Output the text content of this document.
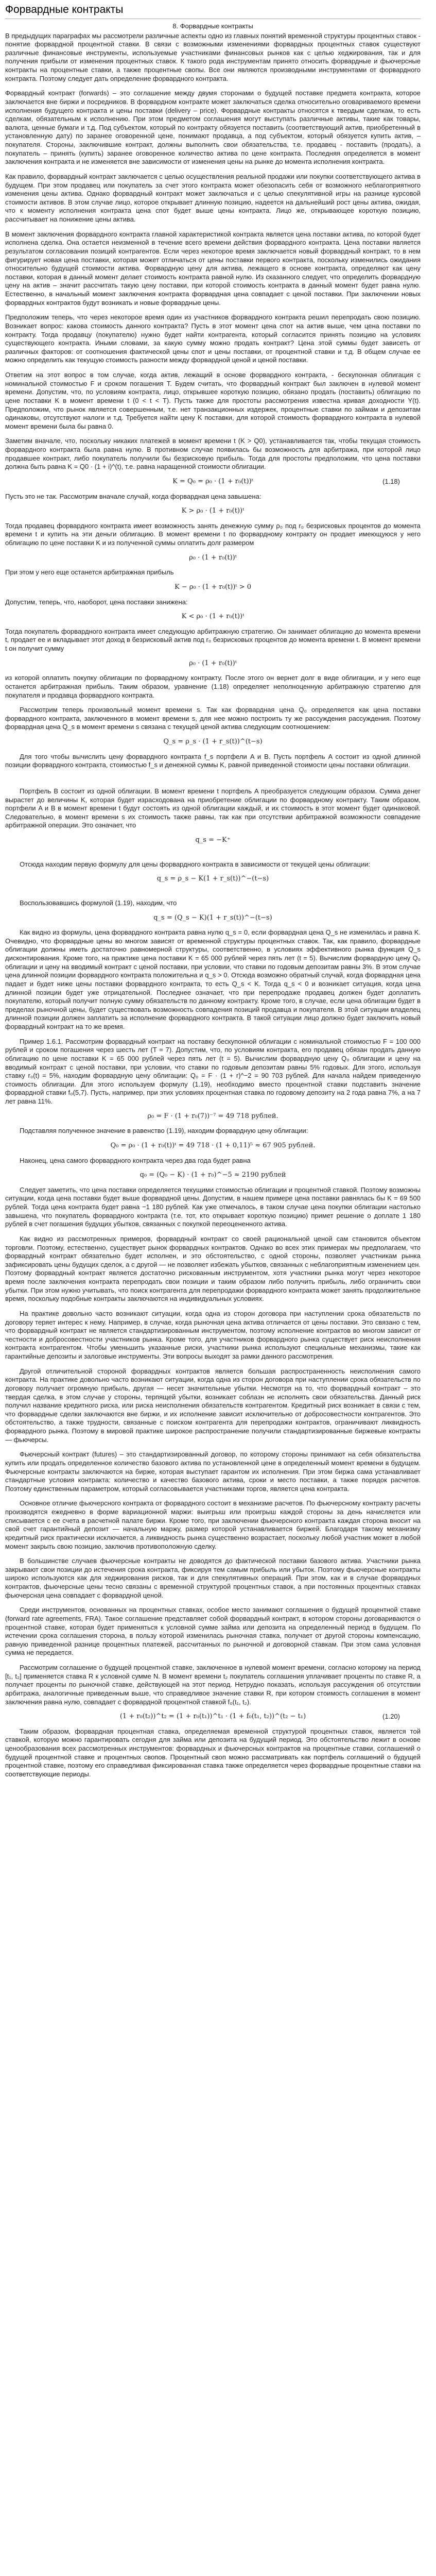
Форвардные контракты
8. Форвардные контракты

В предыдущих параграфах мы рассмотрели различные аспекты одно из главных понятий временной структуры процентных ставок - понятие форвардной процентной ставки. В связи с возможными изменениями форвардных процентных ставок существуют различные финансовые инструменты, используемые участниками финансовых рынков как с целью хеджирования, так и для получения прибыли от изменения процентных ставок. К такого рода инструментам принято относить форвардные и фьючерсные контракты на процентные ставки, а также процентные свопы. Все они являются производными инструментами от форвардного контракта. Поэтому следует дать определение форвардного контракта.

Форвардный контракт (forwards) – это соглашение между двумя сторонами о будущей поставке предмета контракта, которое заключается вне биржи и посредников. В форвардном контракте может заключаться сделка относительно оговариваемого времени исполнения будущего контракта и цены поставки (delivery – price). Форвардные контракты относятся к твердым сделкам, то есть сделкам, обязательным к исполнению. При этом предметом соглашения могут выступать различные активы, такие как товары, валюта, ценные бумаги и т.д. Под субъектом, который по контракту обязуется поставить (соответствующий актив, приобретенный в установленную дату) по заранее оговоренной цене, понимают продавца, а под субъектом, который обязуется купить актив, – покупателя. Стороны, заключившие контракт, должны выполнить свои обязательства, т.е. продавец - поставить (продать), а покупатель – принять (купить) заранее оговоренное количество актива по цене контракта. Последняя определяется в момент заключения контракта и не изменяется вне зависимости от изменения цены на рынке до момента исполнения контракта.

Как правило, форвардный контракт заключается с целью осуществления реальной продажи или покупки соответствующего актива в будущем. При этом продавец или покупатель за счет этого контракта может обезопасить себя от возможного неблагоприятного изменения цены актива. Однако форвардный контракт может заключаться и с целью спекулятивной игры на разнице курсовой стоимости активов. В этом случае лицо, которое открывает длинную позицию, надеется на дальнейший рост цены актива, ожидая, что к моменту исполнения контракта цена спот будет выше цены контракта. Лицо же, открывающее короткую позицию, рассчитывает на понижение цены актива.

В момент заключения форвардного контракта главной характеристикой контракта является цена поставки актива, по которой будет исполнена сделка. Она остается неизменной в течение всего времени действия форвардного контракта. Цена поставки является результатом согласования позиций контрагентов. Если через некоторое время заключается новый форвардный контракт, то в нем фигурирует новая цена поставки, которая может отличаться от цены поставки первого контракта, поскольку изменились ожидания относительно будущей стоимости актива. Форвардную цену для актива, лежащего в основе контракта, определяют как цену поставки, которая в данный момент делает стоимость контракта равной нулю. Из сказанного следует, что определить форвардную цену на актив – значит рассчитать такую цену поставки, при которой стоимость контракта в данный момент будет равна нулю. Естественно, в начальный момент заключения контракта форвардная цена совпадает с ценой поставки. При заключении новых форвардных контрактов будут возникать и новые форвардные цены.

Предположим теперь, что через некоторое время один из участников форвардного контракта решил перепродать свою позицию. Возникает вопрос: какова стоимость данного контракта? Пусть в этот момент цена спот на актив выше, чем цена поставки по контракту. Тогда продавцу (покупателю) нужно будет найти контрагента, который согласится принять позицию на условиях существующего контракта. Иными словами, за какую сумму можно продать контракт? Цена этой суммы будет зависеть от различных факторов: от соотношения фактической цены спот и цены поставки, от процентной ставки и т.д. В общем случае ее можно определить как текущую стоимость разности между форвардной ценой и ценой поставки.

Ответим на этот вопрос в том случае, когда актив, лежащий в основе форвардного контракта, - бескупонная облигация с номинальной стоимостью F и сроком погашения T. Будем считать, что форвардный контракт был заключен в нулевой момент времени. Допустим, что, по условиям контракта, лицо, открывшее короткую позицию, обязано продать (поставить) облигацию по цене поставки K в момент времени t (0 < t < T). Пусть также для простоты рассмотрения известна кривая доходности Y(t). Предположим, что рынок является совершенным, т.е. нет транзакционных издержек, процентные ставки по займам и депозитам одинаковы, отсутствуют налоги и т.д. Требуется найти цену K поставки, для которой стоимость форвардного контракта в нулевой момент времени была бы равна 0.

Заметим вначале, что, поскольку никаких платежей в момент времени t (K > Q0), устанавливается так, чтобы текущая стоимость форвардного контракта была равна нулю. В противном случае появилась бы возможность для арбитража, при которой лицо продавшее контракт, либо покупатель получили бы безрисковую прибыль. Тогда для простоты предположим, что цена поставки должна быть равна K = Q0 · (1 + i)^(t), т.е. равна наращенной стоимости облигации.

K = Q₀ = ρ₀ · (1 + r₀(t))ᵗ	(1.18)

Пусть это не так. Рассмотрим вначале случай, когда форвардная цена завышена:

K > ρ₀ · (1 + r₀(t))ᵗ

Тогда продавец форвардного контракта имеет возможность занять денежную сумму ρ₀ под r₀ безрисковых процентов до момента времени t и купить на эти деньги облигацию. В момент времени t по форвардному контракту он продает имеющуюся у него облигацию по цене поставки K и из полученной суммы оплатить долг размером

ρ₀ · (1 + r₀(t))ᵗ

При этом у него еще останется арбитражная прибыль

K − ρ₀ · (1 + r₀(t))ᵗ > 0

Допустим, теперь, что, наоборот, цена поставки занижена:

K < ρ₀ · (1 + r₀(t))ᵗ

Тогда покупатель форвардного контракта имеет следующую арбитражную стратегию. Он занимает облигацию до момента времени t, продает ее и вкладывает этот доход в безрисковый актив под r₀ безрисковых процентов до момента времени t. В момент времени t он получит сумму

ρ₀ · (1 + r₀(t))ᵗ

из которой оплатить покупку облигации по форвардному контракту. После этого он вернет долг в виде облигации, и у него еще останется арбитражная прибыль. Таким образом, уравнение (1.18) определяет неполноценную арбитражную стратегию для покупателя и продавца форвардного контракта.

Рассмотрим теперь произвольный момент времени s. Так как форвардная цена Q₀ определяется как цена поставки форвардного контракта, заключенного в момент времени s, для нее можно построить ту же рассуждения рассуждения. Поэтому форвардная цена Q_s в момент времени s связана с текущей ценой актива следующим соотношением:

Q_s = ρ_s · (1 + r_s(t))^(t−s)

Для того чтобы вычислить цену форвардного контракта f_s портфели A и B. Пусть портфель A состоит из одной длинной позиции форвардного контракта, стоимостью f_s и денежной суммы K, равной приведенной стоимости цены поставки облигации.

Портфель B состоит из одной облигации. В момент времени t портфель A преобразуется следующим образом. Сумма денег вырастет до величины K, которая будет израсходована на приобретение облигации по форвардному контракту. Таким образом, портфели A и B в момент времени t будут состоять из одной облигации каждый, и их стоимость в этот момент будет одинаковой. Следовательно, в момент времени s их стоимость также равны, так как при отсутствии арбитражной возможности совпадение арбитражной операции. Это означает, что

q_s = −K⁺

Отсюда находим первую формулу для цены форвардного контракта в зависимости от текущей цены облигации:

q_s = ρ_s − K(1 + r_s(t))^−(t−s)

Воспользовавшись формулой (1.19), находим, что

q_s = (Q_s − K)(1 + r_s(t))^−(t−s)

Как видно из формулы, цена форвардного контракта равна нулю q_s = 0, если форвардная цена Q_s не изменилась и равна K. Очевидно, что форвардные цены во многом зависят от временной структуры процентных ставок. Так, как правило, форвардные облигации должны иметь достаточно равномерной структуры, соответственно, в условиях эффективного рынка функция Q_s дисконтирования. Кроме того, на практике цена поставки K = 65 000 рублей через пять лет (t = 5). Вычислим форвардную цену Q₀ облигации и цену на вводимый контракт с ценой поставки, при условии, что ставки по годовым депозитам равны 3%. В этом случае цена длинной позиции форвардного контракта положительна и q_s > 0. Отсюда возможно обратный случай, когда форвардная цена падает и будет ниже цены поставки форвардного контракта, то есть Q_s < K. Тогда q_s < 0 и возникает ситуация, когда цена длинной позиции будет уже отрицательной. Последнее означает, что при перепродаже продавец должен будет доплатить покупателю, который получит полную сумму обязательств по данному контракту. Кроме того, в случае, если цена облигации будет в пределах рыночной цены, будет существовать возможность совпадения позиций продавца и покупателя. В этой ситуации владелец длинной позиции должен заплатить за исполнение форвардного контракта. В такой ситуации лицо должно будет заключить новый форвардный контракт на то же время.

Пример 1.6.1. Рассмотрим форвардный контракт на поставку бескупонной облигации с номинальной стоимостью F = 100 000 рублей и сроком погашения через шесть лет (T = 7). Допустим, что, по условиям контракта, его продавец обязан продать данную облигацию по цене поставки K = 65 000 рублей через пять лет (t = 5). Вычислим форвардную цену Q₀ облигации и цену на вводимый контракт с ценой поставки, при условии, что ставки по годовым депозитам равны 5% годовых. Для этого, используя ставку r₀(t) = 5%, находим форвардную цену облигации: Q₀ = F · (1 + r)^−2 = 90 703 рублей. Для начала найдем приведенную стоимость облигации. Для этого используем формулу (1.19), необходимо вместо процентной ставки подставить значение форвардной ставки f₀(5,7). Пусть, например, при этих условиях процентная ставка по годовому депозиту на 2 года равна 7%, а на 7 лет равна 11%.

ρ₀ = F · (1 + r₀(7))⁻⁷ = 49 718 рублей.

Подставляя полученное значение в равенство (1.19), находим форвардную цену облигации:

Q₀ = ρ₀ · (1 + r₀(t))ᵗ = 49 718 · (1 + 0,11)⁵ ≈ 67 905 рублей.

Наконец, цена самого форвардного контракта через два года будет равна

q₀ = (Q₀ − K) · (1 + r₀)^−5 ≈ 2190 рублей

Следует заметить, что цена поставки определяется текущими стоимостью облигации и процентной ставкой. Поэтому возможны ситуации, когда цена поставки будет выше форвардной цены. Допустим, в нашем примере цена поставки равнялась бы K = 69 500 рублей. Тогда цена контракта будет равна −1 180 рублей. Как уже отмечалось, в таком случае цена покупки облигации настолько завышена, что покупатель форвардного контракта (т.е. тот, кто открывает короткую позицию) примет решение о доплате 1 180 рублей в счет погашения будущих убытков, связанных с покупкой переоцененного актива.

Как видно из рассмотренных примеров, форвардный контракт со своей рациональной ценой сам становится объектом торговли. Поэтому, естественно, существует рынок форвардных контрактов. Однако во всех этих примерах мы предполагаем, что форвардный контракт обязательно будет исполнен, и это обстоятельство, с одной стороны, позволяет участникам рынка зафиксировать цены будущих сделок, а с другой — не позволяет избежать убытков, связанных с неблагоприятным изменением цен. Поэтому форвардный контракт является достаточно рискованным инструментом, хотя участники рынка могут через некоторое время после заключения контракта перепродать свои позиции и таким образом либо получить прибыль, либо ограничить свои убытки. При этом нужно учитывать, что поиск контрагента для перепродажи форвардного контракта может занять продолжительное время, поскольку подобные контракты заключаются на индивидуальных условиях.

На практике довольно часто возникают ситуации, когда одна из сторон договора при наступлении срока обязательств по договору теряет интерес к нему. Например, в случае, когда рыночная цена актива отличается от цены поставки. Это связано с тем, что форвардный контракт не является стандартизированным инструментом, поэтому исполнение контрактов во многом зависит от честности и добросовестности участников рынка. Кроме того, для участников форвардного рынка существует риск неисполнения контракта контрагентом. Чтобы уменьшить указанные риски, участники рынка используют специальные механизмы, такие как гарантийные депозиты и залоговые инструменты. Эти вопросы выходят за рамки данного рассмотрения.

Другой отличительной стороной форвардных контрактов является большая распространенность неисполнения самого контракта. На практике довольно часто возникают ситуации, когда одна из сторон договора при наступлении срока обязательств по договору получает огромную прибыль, другая — несет значительные убытки. Несмотря на то, что форвардный контракт – это твердая сделка, в этом случае у стороны, терпящей убытки, возникает соблазн не исполнять свои обязательства. Данный риск получил название кредитного риска, или риска неисполнения обязательств контрагентом. Кредитный риск возникает в связи с тем, что форвардные сделки заключаются вне биржи, и их исполнение зависит исключительно от добросовестности контрагентов. Это обстоятельство, а также трудности, связанные с поиском контрагента для перепродажи контрактов, ограничивают ликвидность форвардного рынка. Поэтому в мировой практике широкое распространение получили стандартизированные биржевые контракты — фьючерсы.

Фьючерсный контракт (futures) – это стандартизированный договор, по которому стороны принимают на себя обязательства купить или продать определенное количество базового актива по установленной цене в определенный момент времени в будущем. Фьючерсные контракты заключаются на бирже, которая выступает гарантом их исполнения. При этом биржа сама устанавливает стандартные условия контракта: количество и качество базового актива, сроки и место поставки, а также порядок расчетов. Поэтому единственным параметром, который согласовывается участниками торгов, является цена контракта.

Основное отличие фьючерсного контракта от форвардного состоит в механизме расчетов. По фьючерсному контракту расчеты производятся ежедневно в форме вариационной маржи: выигрыш или проигрыш каждой стороны за день начисляется или списывается с ее счета в расчетной палате биржи. Кроме того, при заключении фьючерсного контракта каждая сторона вносит на свой счет гарантийный депозит — начальную маржу, размер которой устанавливается биржей. Благодаря такому механизму кредитный риск практически исключается, а ликвидность рынка существенно возрастает, поскольку любой участник может в любой момент закрыть свою позицию, заключив противоположную сделку.

В большинстве случаев фьючерсные контракты не доводятся до фактической поставки базового актива. Участники рынка закрывают свои позиции до истечения срока контракта, фиксируя тем самым прибыль или убыток. Поэтому фьючерсные контракты широко используются как для хеджирования рисков, так и для спекулятивных операций. При этом, как и в случае форвардных контрактов, фьючерсные цены тесно связаны с временной структурой процентных ставок, а при постоянных процентных ставках фьючерсная цена совпадает с форвардной ценой.

Среди инструментов, основанных на процентных ставках, особое место занимают соглашения о будущей процентной ставке (forward rate agreements, FRA). Такое соглашение представляет собой форвардный контракт, в котором стороны договариваются о процентной ставке, которая будет применяться к условной сумме займа или депозита на определенный период в будущем. По истечении срока соглашения сторона, в пользу которой изменилась рыночная ставка, получает от другой стороны компенсацию, равную приведенной разнице процентных платежей, рассчитанных по рыночной и договорной ставкам. При этом сама условная сумма не передается.

Рассмотрим соглашение о будущей процентной ставке, заключенное в нулевой момент времени, согласно которому на период [t₁, t₂] применяется ставка R к условной сумме N. В момент времени t₂ покупатель соглашения уплачивает проценты по ставке R, а получает проценты по рыночной ставке, действующей на этот период. Нетрудно показать, используя рассуждения об отсутствии арбитража, аналогичные приведенным выше, что справедливое значение ставки R, при котором стоимость соглашения в момент заключения равна нулю, совпадает с форвардной процентной ставкой f₀(t₁, t₂).

(1 + r₀(t₂))^t₂ = (1 + r₀(t₁))^t₁ · (1 + f₀(t₁, t₂))^(t₂ − t₁)	(1.20)

Таким образом, форвардная процентная ставка, определяемая временной структурой процентных ставок, является той ставкой, которую можно гарантировать сегодня для займа или депозита на будущий период. Это обстоятельство лежит в основе ценообразования всех рассмотренных инструментов: форвардных и фьючерсных контрактов на процентные ставки, соглашений о будущей процентной ставке и процентных свопов. Процентный своп можно рассматривать как портфель соглашений о будущей процентной ставке, поэтому его справедливая фиксированная ставка также определяется через форвардные процентные ставки на соответствующие периоды.
